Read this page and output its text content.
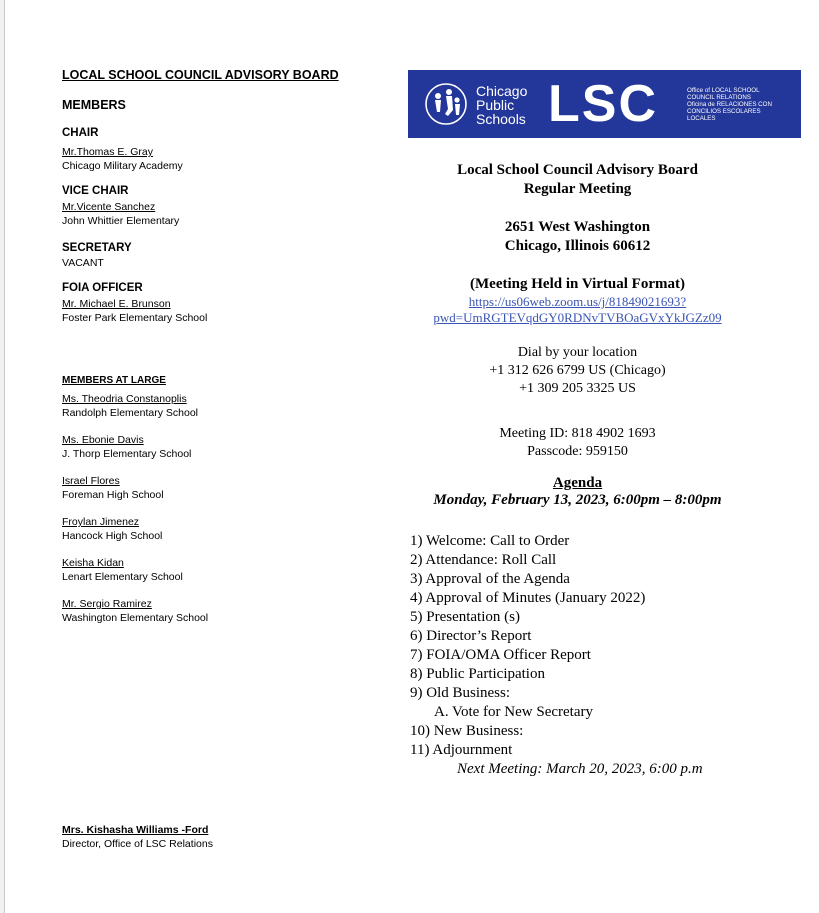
LOCAL SCHOOL COUNCIL ADVISORY BOARD
MEMBERS
CHAIR
Mr.Thomas E. Gray
Chicago Military Academy
VICE CHAIR
Mr.Vicente Sanchez
John Whittier Elementary
SECRETARY
VACANT
FOIA OFFICER
Mr. Michael E. Brunson
Foster Park Elementary School
MEMBERS AT LARGE
Ms. Theodria Constanoplis
Randolph Elementary School
Ms. Ebonie Davis
J. Thorp Elementary School
Israel Flores
Foreman High School
Froylan Jimenez
Hancock High School
Keisha Kidan
Lenart Elementary School
Mr. Sergio Ramirez
Washington Elementary School
Mrs. Kishasha Williams -Ford
Director, Office of LSC Relations
Chicago
Public
Schools LSC	Office of LOCAL SCHOOL
COUNCIL RELATIONS
Oficina de RELACIONES CON
CONCILIOS ESCOLARES
LOCALES
Local School Council Advisory Board
Regular Meeting
2651 West Washington
Chicago, Illinois 60612
(Meeting Held in Virtual Format)
https://us06web.zoom.us/j/81849021693?
pwd=UmRGTEVqdGY0RDNvTVBOaGVxYkJGZz09
Dial by your location
+1 312 626 6799 US (Chicago)
+1 309 205 3325 US
Meeting ID: 818 4902 1693
Passcode: 959150
Agenda
Monday, February 13, 2023, 6:00pm – 8:00pm
1) Welcome: Call to Order
2) Attendance: Roll Call
3) Approval of the Agenda
4) Approval of Minutes (January 2022)
5) Presentation (s)
6) Director’s Report
7) FOIA/OMA Officer Report
8) Public Participation
9) Old Business:
A. Vote for New Secretary
10) New Business:
11) Adjournment
Next Meeting: March 20, 2023, 6:00 p.m
